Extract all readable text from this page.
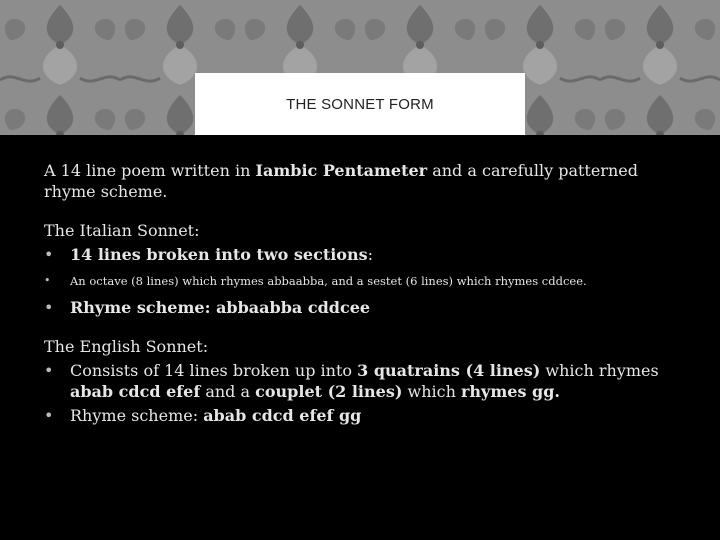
THE SONNET FORM

A 14 line poem written in Iambic Pentameter and a carefully patterned rhyme scheme.

The Italian Sonnet:

• 14 lines broken into two sections:
• An octave (8 lines) which rhymes abbaabba, and a sestet (6 lines) which rhymes cddcee.
• Rhyme scheme: abbaabba cddcee

The English Sonnet:

• Consists of 14 lines broken up into 3 quatrains (4 lines) which rhymes abab cdcd efef and a couplet (2 lines) which rhymes gg.
• Rhyme scheme: abab cdcd efef gg
